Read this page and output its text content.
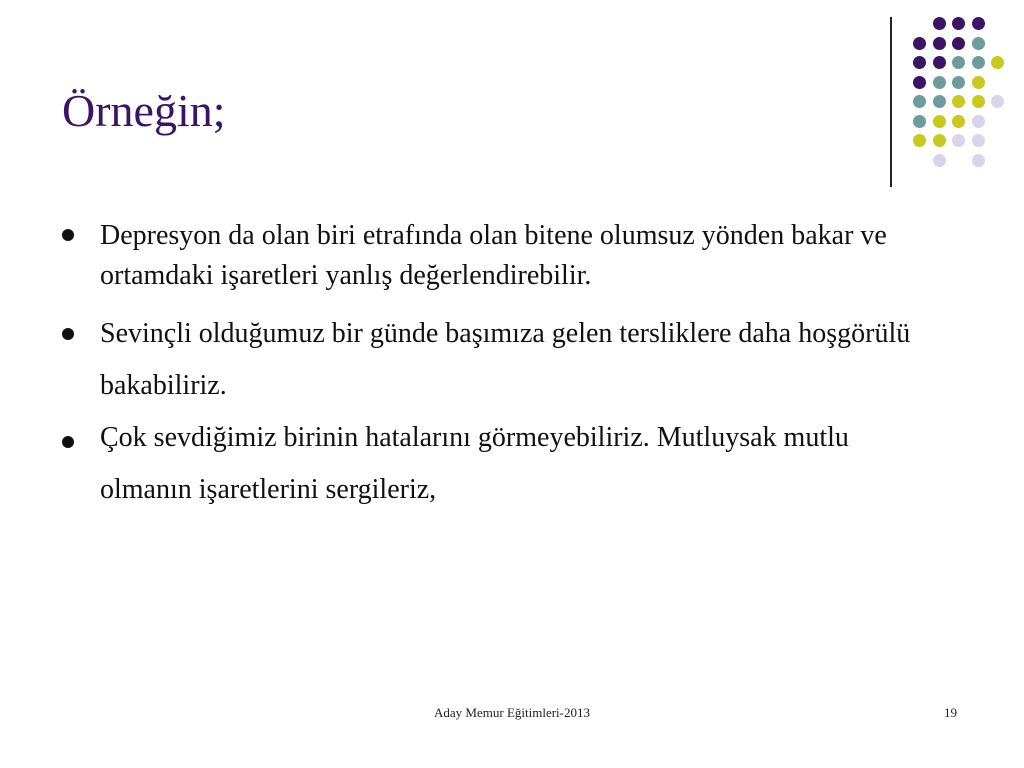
Örneğin;
Depresyon da olan biri etrafında olan bitene olumsuz yönden bakar ve ortamdaki işaretleri yanlış değerlendirebilir.
Sevinçli olduğumuz bir günde başımıza gelen tersliklere daha hoşgörülü bakabiliriz.
Çok sevdiğimiz birinin hatalarını görmeyebiliriz. Mutluysak mutlu olmanın işaretlerini sergileriz,
Aday Memur Eğitimleri-2013	19
